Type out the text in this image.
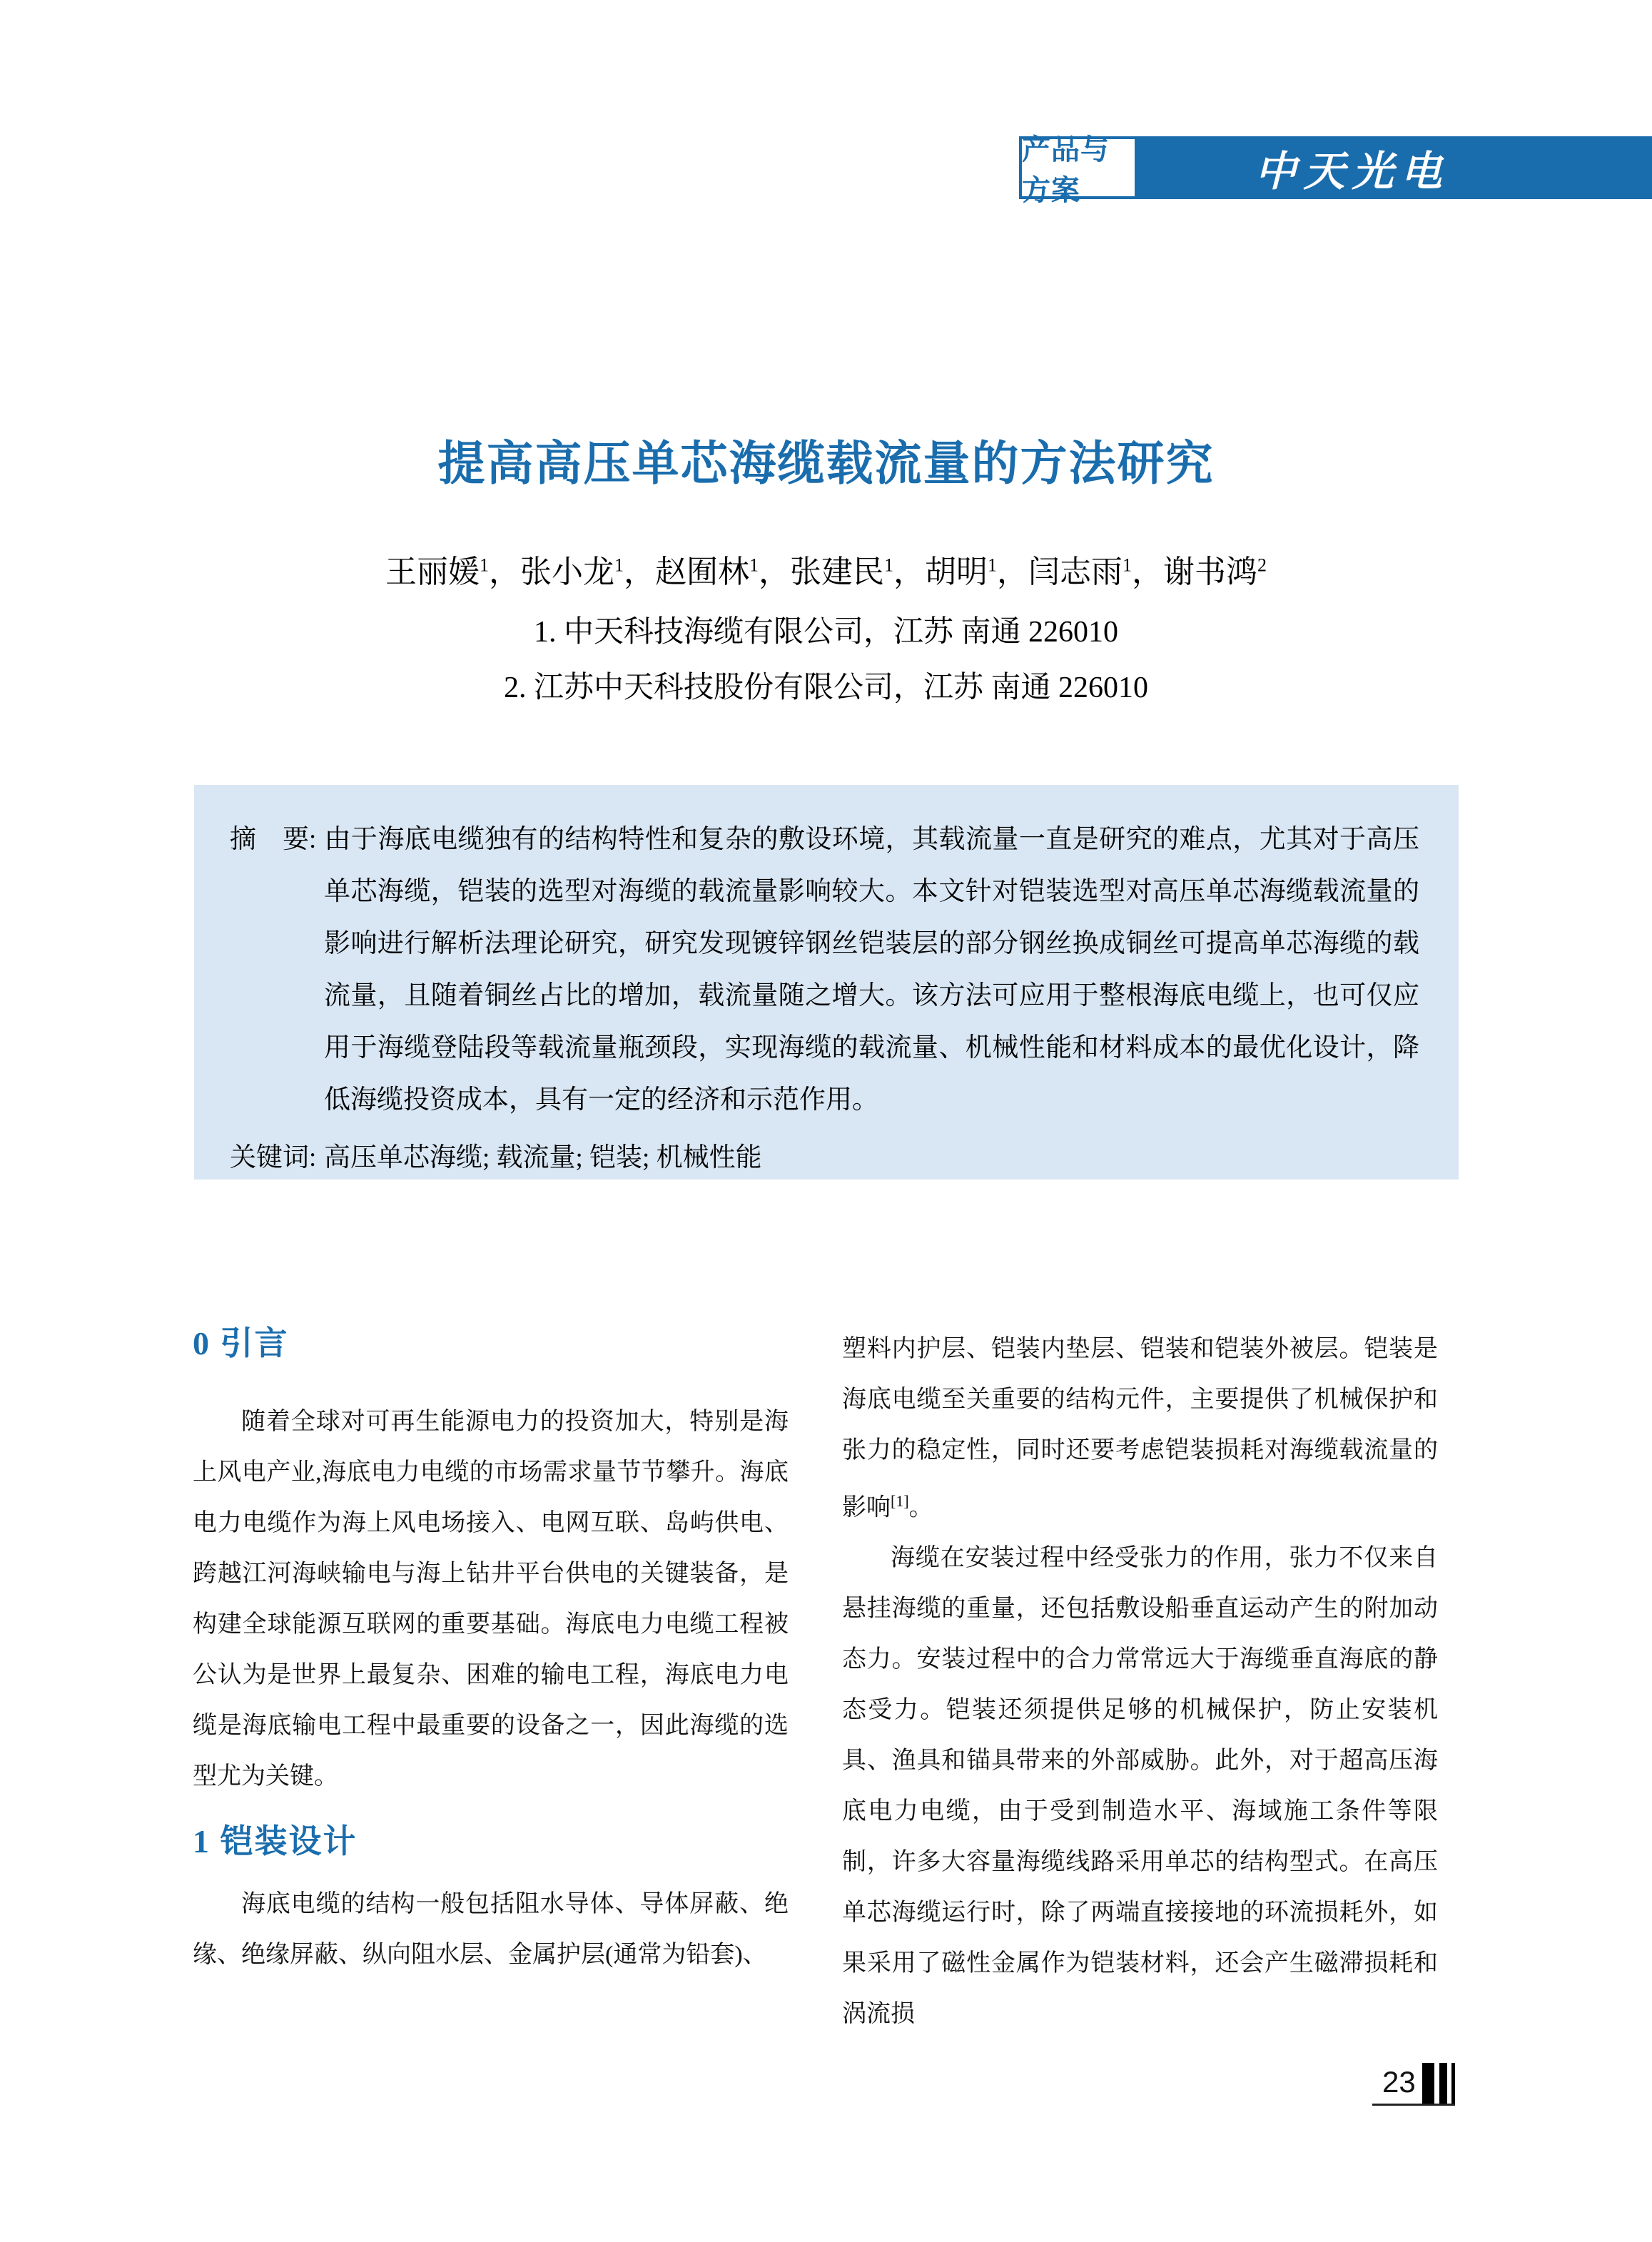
产品与方案	中天光电
提高高压单芯海缆载流量的方法研究
王丽媛$^1$，张小龙$^1$，赵囿林$^1$，张建民$^1$，胡明$^1$，闫志雨$^1$，谢书鸿$^2$
1. 中天科技海缆有限公司，江苏 南通 226010
2. 江苏中天科技股份有限公司，江苏 南通 226010

摘　要: 由于海底电缆独有的结构特性和复杂的敷设环境，其载流量一直是研究的难点，尤其对于高压单芯海缆，铠装的选型对海缆的载流量影响较大。本文针对铠装选型对高压单芯海缆载流量的影响进行解析法理论研究，研究发现镀锌钢丝铠装层的部分钢丝换成铜丝可提高单芯海缆的载流量，且随着铜丝占比的增加，载流量随之增大。该方法可应用于整根海底电缆上，也可仅应用于海缆登陆段等载流量瓶颈段，实现海缆的载流量、机械性能和材料成本的最优化设计，降低海缆投资成本，具有一定的经济和示范作用。

关键词: 高压单芯海缆; 载流量; 铠装; 机械性能

0 引言

随着全球对可再生能源电力的投资加大，特别是海上风电产业,海底电力电缆的市场需求量节节攀升。海底电力电缆作为海上风电场接入、电网互联、岛屿供电、跨越江河海峡输电与海上钻井平台供电的关键装备，是构建全球能源互联网的重要基础。海底电力电缆工程被公认为是世界上最复杂、困难的输电工程，海底电力电缆是海底输电工程中最重要的设备之一，因此海缆的选型尤为关键。

1 铠装设计

海底电缆的结构一般包括阻水导体、导体屏蔽、绝缘、绝缘屏蔽、纵向阻水层、金属护层(通常为铅套)、

塑料内护层、铠装内垫层、铠装和铠装外被层。铠装是海底电缆至关重要的结构元件，主要提供了机械保护和张力的稳定性，同时还要考虑铠装损耗对海缆载流量的影响[1]。

海缆在安装过程中经受张力的作用，张力不仅来自悬挂海缆的重量，还包括敷设船垂直运动产生的附加动态力。安装过程中的合力常常远大于海缆垂直海底的静态受力。铠装还须提供足够的机械保护，防止安装机具、渔具和锚具带来的外部威胁。此外，对于超高压海底电力电缆，由于受到制造水平、海域施工条件等限制，许多大容量海缆线路采用单芯的结构型式。在高压单芯海缆运行时，除了两端直接接地的环流损耗外，如果采用了磁性金属作为铠装材料，还会产生磁滞损耗和涡流损

23
